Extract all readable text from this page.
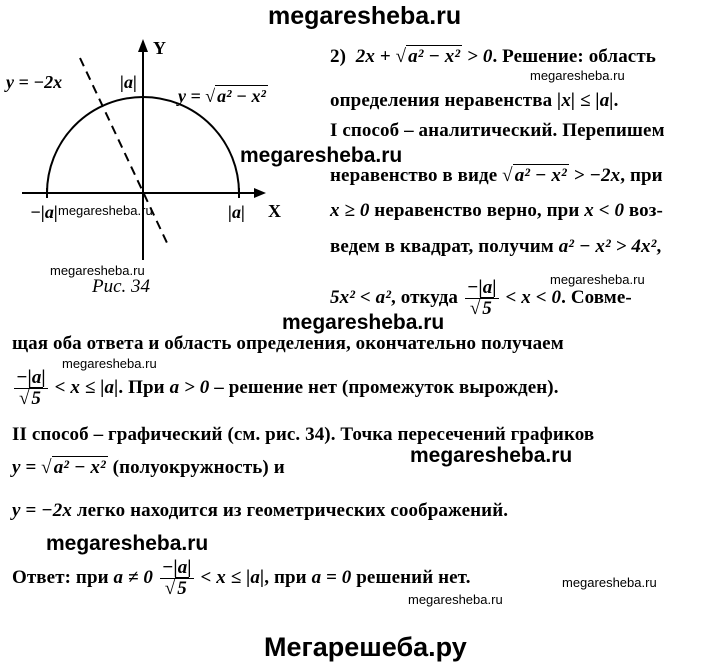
megaresheba.ru
Y
X
y = −2x
y = √ a² − x²
|a|
−|a|	|a|
Рис. 34
megaresheba.ru
megaresheba.ru
2) 2x + √ a² − x² > 0. Решение: область
megaresheba.ru
определения неравенства |x| ≤ |a|.
I способ – аналитический. Перепишем
megaresheba.ru
неравенство в виде √ a² − x² > −2x, при
x ≥ 0 неравенство верно, при x < 0 воз-
ведем в квадрат, получим a² − x² > 4x²,
megaresheba.ru
5x² < a², откуда $\frac{-|a|}{√ 5} < x < 0$. Совме-
megaresheba.ru
щая оба ответа и область определения, окончательно получаем
megaresheba.ru
$\frac{-|a|}{√ 5} < x \le |a|$. При a > 0 – решение нет (промежуток вырожден).
II способ – графический (см. рис. 34). Точка пересечений графиков
megaresheba.ru
y = √ a² − x² (полуокружность) и
y = −2x легко находится из геометрических соображений.
megaresheba.ru
Ответ: при $a \ne 0 \frac{-|a|}{√ 5} < x \le |a|$, при a = 0 решений нет.	megaresheba.ru
megaresheba.ru
Мегарешеба.ру
